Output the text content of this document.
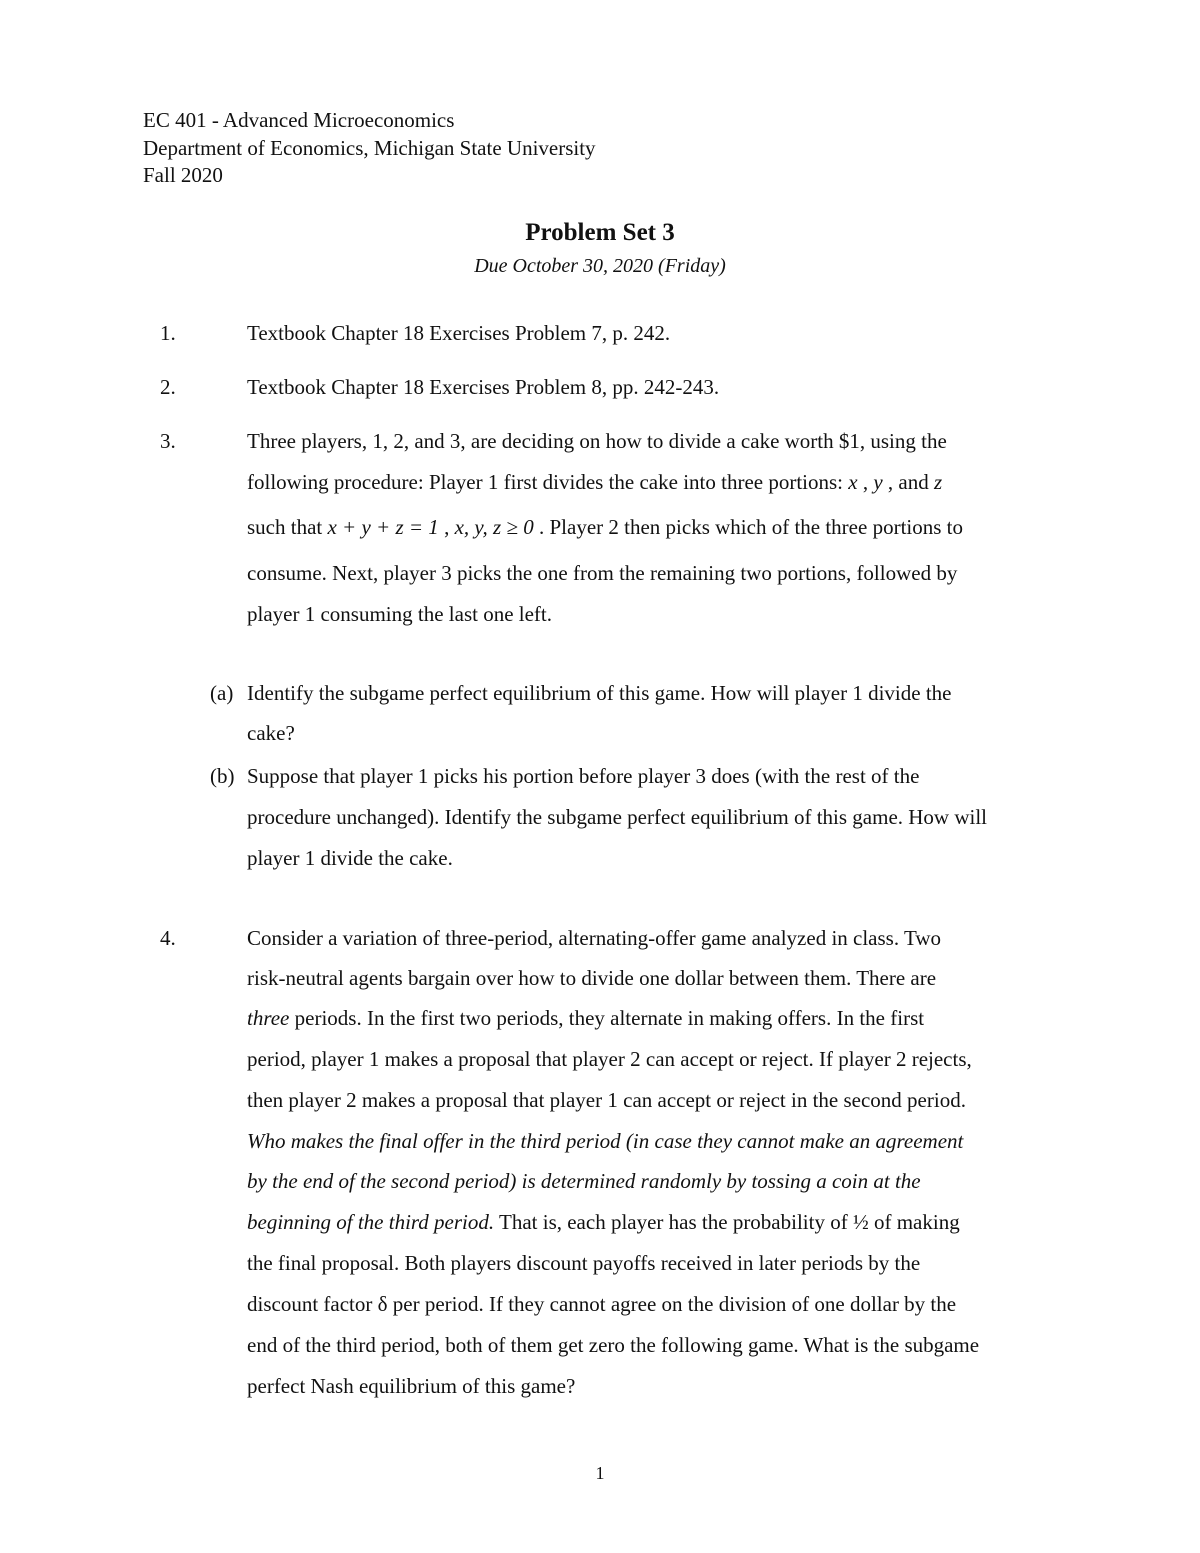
EC 401 - Advanced Microeconomics
Department of Economics, Michigan State University
Fall 2020
Problem Set 3
Due October 30, 2020 (Friday)
1.	Textbook Chapter 18 Exercises Problem 7, p. 242.
2.	Textbook Chapter 18 Exercises Problem 8, pp. 242-243.
3.	Three players, 1, 2, and 3, are deciding on how to divide a cake worth $1, using the
following procedure: Player 1 first divides the cake into three portions: x , y , and z
such that x + y + z = 1 , x, y, z ≥ 0 . Player 2 then picks which of the three portions to
consume. Next, player 3 picks the one from the remaining two portions, followed by
player 1 consuming the last one left.
(a) Identify the subgame perfect equilibrium of this game. How will player 1 divide the
cake?
(b) Suppose that player 1 picks his portion before player 3 does (with the rest of the
procedure unchanged). Identify the subgame perfect equilibrium of this game. How will
player 1 divide the cake.
4.	Consider a variation of three-period, alternating-offer game analyzed in class. Two
risk-neutral agents bargain over how to divide one dollar between them. There are
three periods. In the first two periods, they alternate in making offers. In the first
period, player 1 makes a proposal that player 2 can accept or reject. If player 2 rejects,
then player 2 makes a proposal that player 1 can accept or reject in the second period.
Who makes the final offer in the third period (in case they cannot make an agreement
by the end of the second period) is determined randomly by tossing a coin at the
beginning of the third period. That is, each player has the probability of ½ of making
the final proposal. Both players discount payoffs received in later periods by the
discount factor δ per period. If they cannot agree on the division of one dollar by the
end of the third period, both of them get zero the following game. What is the subgame
perfect Nash equilibrium of this game?
1
